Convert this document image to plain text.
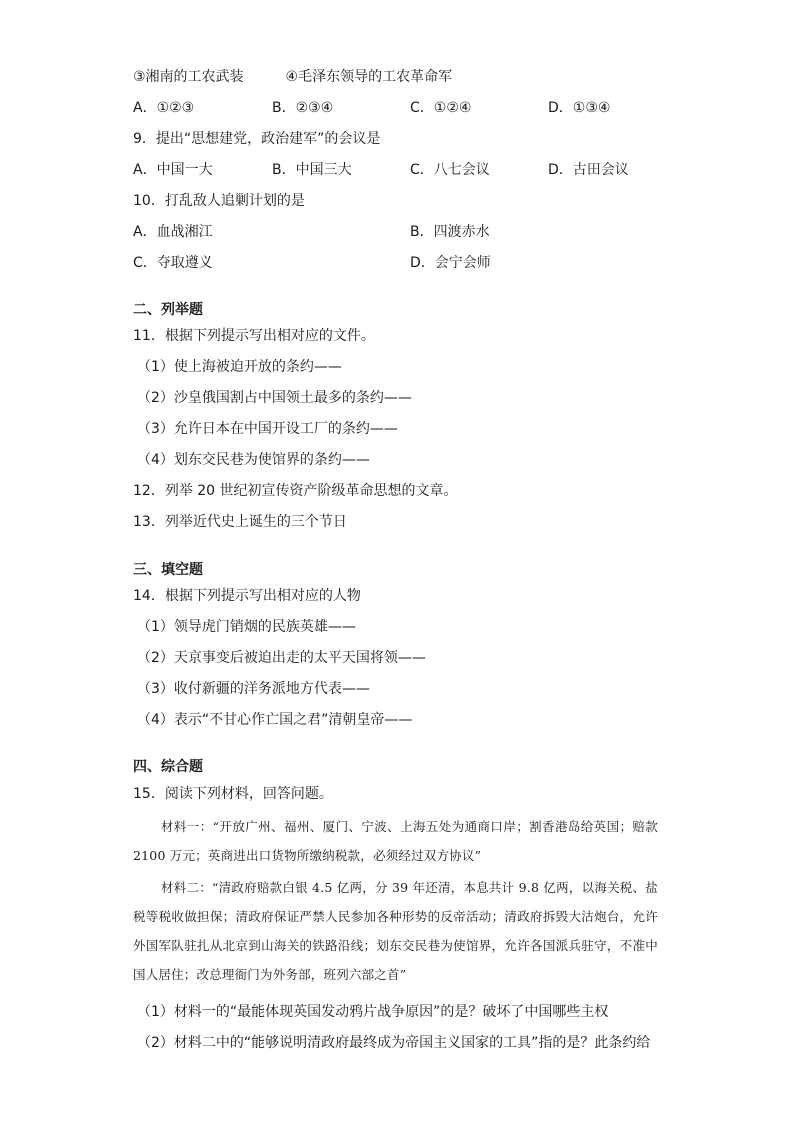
③湘南的工农武装　　　④毛泽东领导的工农革命军
A．①②③	B．②③④	C．①②④	D．①③④
9．提出“思想建党，政治建军”的会议是
A．中国一大	B．中国三大	C．八七会议	D．古田会议
10．打乱敌人追剿计划的是
A．血战湘江	B．四渡赤水
C．夺取遵义	D．会宁会师
二、列举题
11．根据下列提示写出相对应的文件。
（1）使上海被迫开放的条约——
（2）沙皇俄国割占中国领土最多的条约——
（3）允许日本在中国开设工厂的条约——
（4）划东交民巷为使馆界的条约——
12．列举 20 世纪初宣传资产阶级革命思想的文章。
13．列举近代史上诞生的三个节日
三、填空题
14．根据下列提示写出相对应的人物
（1）领导虎门销烟的民族英雄——
（2）天京事变后被迫出走的太平天国将领——
（3）收付新疆的洋务派地方代表——
（4）表示“不甘心作亡国之君”清朝皇帝——
四、综合题
15．阅读下列材料，回答问题。
材料一：“开放广州、福州、厦门、宁波、上海五处为通商口岸；割香港岛给英国；赔款 2100 万元；英商进出口货物所缴纳税款，必须经过双方协议”
材料二：“清政府赔款白银 4.5 亿两，分 39 年还清，本息共计 9.8 亿两，以海关税、盐税等税收做担保；清政府保证严禁人民参加各种形势的反帝活动；清政府拆毁大沽炮台，允许外国军队驻扎从北京到山海关的铁路沿线；划东交民巷为使馆界，允许各国派兵驻守，不准中国人居住；改总理衙门为外务部，班列六部之首”
（1）材料一的“最能体现英国发动鸦片战争原因”的是？破坏了中国哪些主权
（2）材料二中的“能够说明清政府最终成为帝国主义国家的工具”指的是？此条约给
